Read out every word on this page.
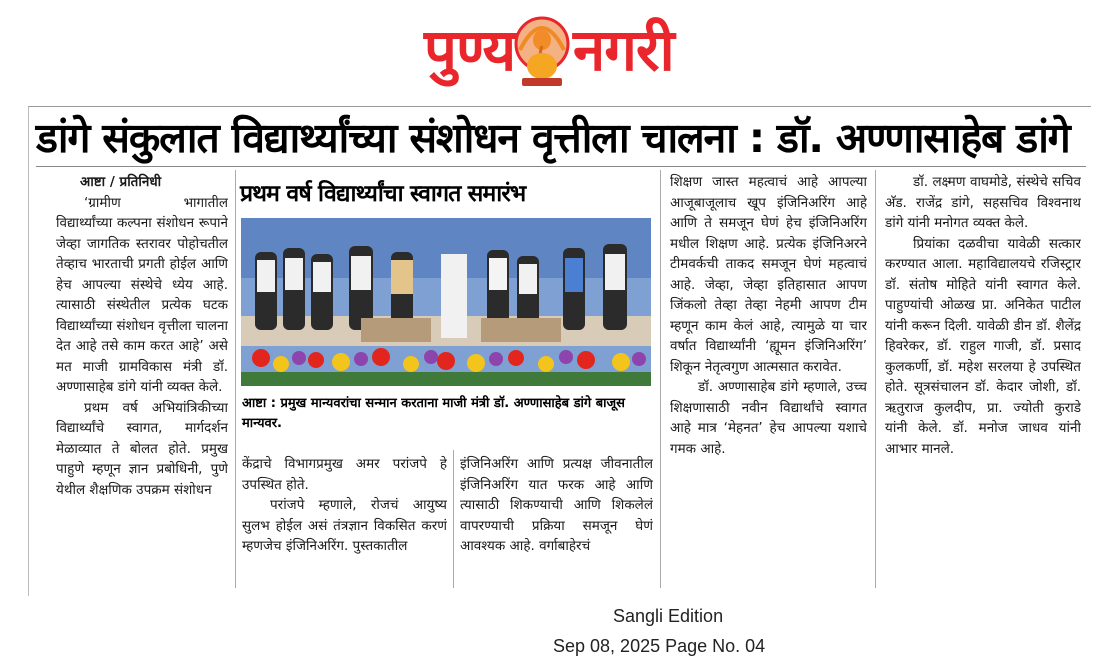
पुण्य नगरी
डांगे संकुलात विद्यार्थ्यांच्या संशोधन वृत्तीला चालना : डॉ. अण्णासाहेब डांगे

आष्टा / प्रतिनिधी

‘ग्रामीण भागातील विद्यार्थ्यांच्या कल्पना संशोधन रूपाने जेव्हा जागतिक स्तरावर पोहोचतील तेव्हाच भारताची प्रगती होईल आणि हेच आपल्या संस्थेचे ध्येय आहे. त्यासाठी संस्थेतील प्रत्येक घटक विद्यार्थ्यांच्या संशोधन वृत्तीला चालना देत आहे तसे काम करत आहे’ असे मत माजी ग्रामविकास मंत्री डॉ. अण्णासाहेब डांगे यांनी व्यक्त केले.

प्रथम वर्ष अभियांत्रिकीच्या विद्यार्थ्यांचे स्वागत, मार्गदर्शन मेळाव्यात ते बोलत होते. प्रमुख पाहुणे म्हणून ज्ञान प्रबोधिनी, पुणे येथील शैक्षणिक उपक्रम संशोधन

प्रथम वर्ष विद्यार्थ्यांचा स्वागत समारंभ
आष्टा : प्रमुख मान्यवरांचा सन्मान करताना माजी मंत्री डॉ. अण्णासाहेब डांगे बाजूस मान्यवर.

केंद्राचे विभागप्रमुख अमर परांजपे हे उपस्थित होते.

परांजपे म्हणाले, रोजचं आयुष्य सुलभ होईल असं तंत्रज्ञान विकसित करणं म्हणजेच इंजिनिअरिंग. पुस्तकातील

इंजिनिअरिंग आणि प्रत्यक्ष जीवनातील इंजिनिअरिंग यात फरक आहे आणि त्यासाठी शिकण्याची आणि शिकलेलं वापरण्याची प्रक्रिया समजून घेणं आवश्यक आहे. वर्गाबाहेरचं

शिक्षण जास्त महत्वाचं आहे आपल्या आजूबाजूलाच खूप इंजिनिअरिंग आहे आणि ते समजून घेणं हेच इंजिनिअरिंग मधील शिक्षण आहे. प्रत्येक इंजिनिअरने टीमवर्कची ताकद समजून घेणं महत्वाचं आहे. जेव्हा, जेव्हा इतिहासात आपण जिंकलो तेव्हा तेव्हा नेहमी आपण टीम म्हणून काम केलं आहे, त्यामुळे या चार वर्षात विद्यार्थ्यांनी ‘ह्यूमन इंजिनिअरिंग’ शिकून नेतृत्वगुण आत्मसात करावेत.

डॉ. अण्णासाहेब डांगे म्हणाले, उच्च शिक्षणासाठी नवीन विद्यार्थांचे स्वागत आहे मात्र ‘मेहनत’ हेच आपल्या यशाचे गमक आहे.

डॉ. लक्ष्मण वाघमोडे, संस्थेचे सचिव अ‍ॅड. राजेंद्र डांगे, सहसचिव विश्वनाथ डांगे यांनी मनोगत व्यक्त केले.

प्रियांका दळवीचा यावेळी सत्कार करण्यात आला. महाविद्यालयचे रजिस्ट्रार डॉ. संतोष मोहिते यांनी स्वागत केले. पाहुण्यांची ओळख प्रा. अनिकेत पाटील यांनी करून दिली. यावेळी डीन डॉ. शैलेंद्र हिवरेकर, डॉ. राहुल गाजी, डॉ. प्रसाद कुलकर्णी, डॉ. महेश सरलया हे उपस्थित होते. सूत्रसंचालन डॉ. केदार जोशी, डॉ. ऋतुराज कुलदीप, प्रा. ज्योती कुराडे यांनी केले. डॉ. मनोज जाधव यांनी आभार मानले.

Sangli Edition
Sep 08, 2025 Page No. 04
